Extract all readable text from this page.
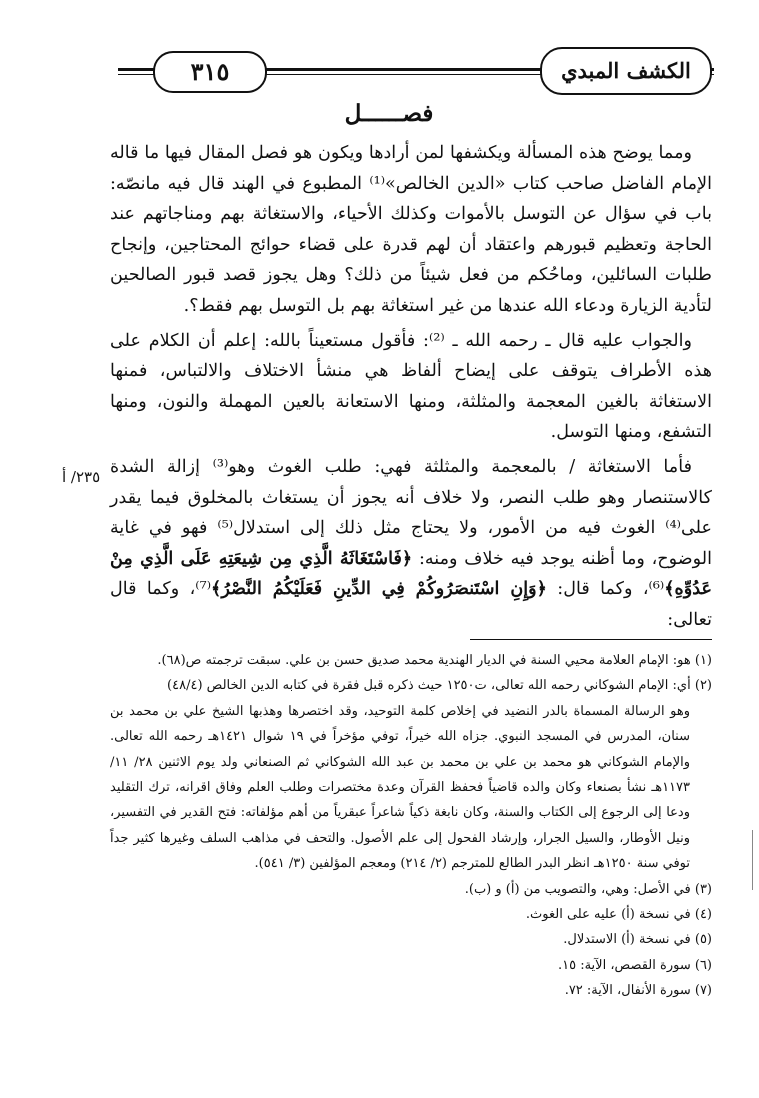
٣١٥	الكشف المبدي
فصــــــل

ومما يوضح هذه المسألة ويكشفها لمن أرادها ويكون هو فصل المقال فيها ما قاله الإمام الفاضل صاحب كتاب «الدين الخالص»⁽¹⁾ المطبوع في الهند قال فيه مانصّه: باب في سؤال عن التوسل بالأموات وكذلك الأحياء، والاستغاثة بهم ومناجاتهم عند الحاجة وتعظيم قبورهم واعتقاد أن لهم قدرة على قضاء حوائج المحتاجين، وإنجاح طلبات السائلين، وماحُكم من فعل شيئاً من ذلك؟ وهل يجوز قصد قبور الصالحين لتأدية الزيارة ودعاء الله عندها من غير استغاثة بهم بل التوسل بهم فقط؟.

والجواب عليه قال ـ رحمه الله ـ ⁽²⁾: فأقول مستعيناً بالله: إعلم أن الكلام على هذه الأطراف يتوقف على إيضاح ألفاظ هي منشأ الاختلاف والالتباس، فمنها الاستغاثة بالغين المعجمة والمثلثة، ومنها الاستعانة بالعين المهملة والنون، ومنها التشفع، ومنها التوسل.

فأما الاستغاثة / بالمعجمة والمثلثة فهي: طلب الغوث وهو⁽³⁾ إزالة الشدة كالاستنصار وهو طلب النصر، ولا خلاف أنه يجوز أن يستغاث بالمخلوق فيما يقدر على⁽⁴⁾ الغوث فيه من الأمور، ولا يحتاج مثل ذلك إلى استدلال⁽⁵⁾ فهو في غاية الوضوح، وما أظنه يوجد فيه خلاف ومنه: ﴿فَاسْتَغَاثَهُ الَّذِي مِن شِيعَتِهِ عَلَى الَّذِي مِنْ عَدُوِّهِ﴾⁽⁶⁾، وكما قال: ﴿وَإِنِ اسْتَنصَرُوكُمْ فِي الدِّينِ فَعَلَيْكُمُ النَّصْرُ﴾⁽⁷⁾، وكما قال تعالى:

٢٣٥/ أ

(١) هو: الإمام العلامة محيي السنة في الديار الهندية محمد صديق حسن بن علي. سبقت ترجمته ص(٦٨).

(٢) أي: الإمام الشوكاني رحمه الله تعالى، ت١٢٥٠ حيث ذكره قبل فقرة في كتابه الدين الخالص (٤٨/٤)

وهو الرسالة المسماة بالدر النضيد في إخلاص كلمة التوحيد، وقد اختصرها وهذبها الشيخ علي بن محمد بن سنان، المدرس في المسجد النبوي. جزاه الله خيراً، توفي مؤخراً في ١٩ شوال ١٤٢١هـ رحمه الله تعالى. والإمام الشوكاني هو محمد بن علي بن محمد بن عبد الله الشوكاني ثم الصنعاني ولد يوم الاثنين ٢٨/ ١١/ ١١٧٣هـ نشأ بصنعاء وكان والده قاضياً فحفظ القرآن وعدة مختصرات وطلب العلم وفاق اقرانه، ترك التقليد ودعا إلى الرجوع إلى الكتاب والسنة، وكان نابغة ذكياً شاعراً عبقرياً من أهم مؤلفاته: فتح القدير في التفسير، ونيل الأوطار، والسيل الجرار، وإرشاد الفحول إلى علم الأصول. والتحف في مذاهب السلف وغيرها كثير جداً توفي سنة ١٢٥٠هـ انظر البدر الطالع للمترجم (٢/ ٢١٤) ومعجم المؤلفين (٣/ ٥٤١).

(٣) في الأصل: وهي، والتصويب من (أ) و (ب).

(٤) في نسخة (أ) عليه على الغوث.

(٥) في نسخة (أ) الاستدلال.

(٦) سورة القصص، الآية: ١٥.

(٧) سورة الأنفال، الآية: ٧٢.
